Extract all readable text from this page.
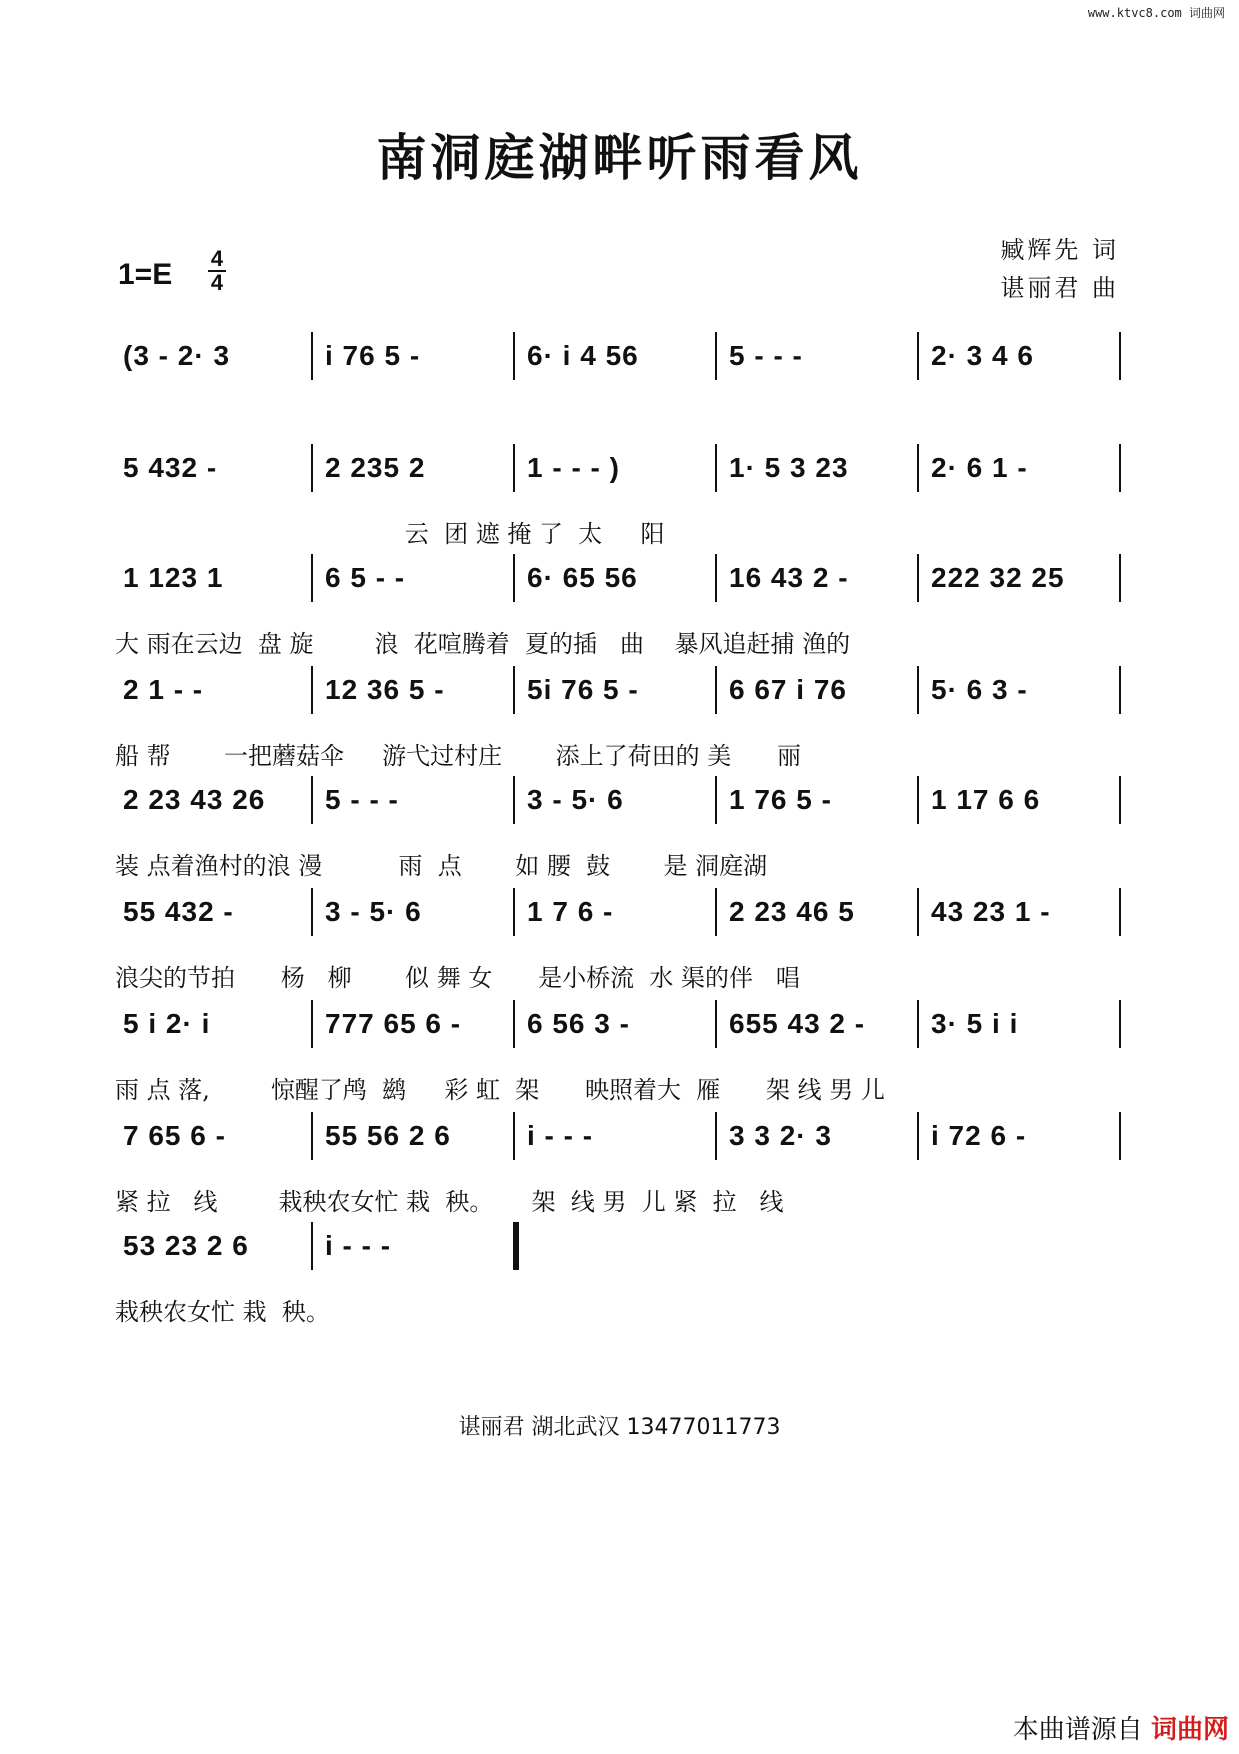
www.ktvc8.com 词曲网
南洞庭湖畔听雨看风
1=E 4
4
臧辉先 词
谌丽君 曲
(3 - 2· 3	i 76 5 -	6· i 4 56	5 - - -	2· 3 4 6
5 432 -	2 235 2	1 - - - )	1· 5 3 23	2· 6 1 -
云  团 遮 掩 了  太     阳
1 123 1	6 5 - -	6· 65 56	16 43 2 -	222 32 25
大 雨在云边  盘 旋        浪  花喧腾着  夏的插   曲    暴风追赶捕 渔的
2 1 - -	12 36 5 -	5i 76 5 -	6 67 i 76	5· 6 3 -
船 帮       一把蘑菇伞     游弋过村庄       添上了荷田的 美      丽
2 23 43 26 5 - - -	3 - 5· 6	1 76 5 -	1 17 6 6
装 点着渔村的浪 漫          雨  点       如 腰  鼓       是 洞庭湖
55 432 -	3 - 5· 6	1 7 6 -	2 23 46 5	43 23 1 -
浪尖的节拍      杨   柳       似 舞 女      是小桥流  水 渠的伴   唱
5 i 2· i	777 65 6 - 6 56 3 -	655 43 2 - 3· 5 i i
雨 点 落,        惊醒了鸬  鹚     彩 虹  架      映照着大  雁      架 线 男 儿
7 65 6 -	55 56 2 6	i - - -	3 3 2· 3	i 72 6 -
紧 拉   线        栽秧农女忙 栽  秧。     架  线 男  儿 紧  拉   线
53 23 2 6	i - - -
栽秧农女忙 栽  秧。
谌丽君 湖北武汉 13477011773
本曲谱源自 词曲网
